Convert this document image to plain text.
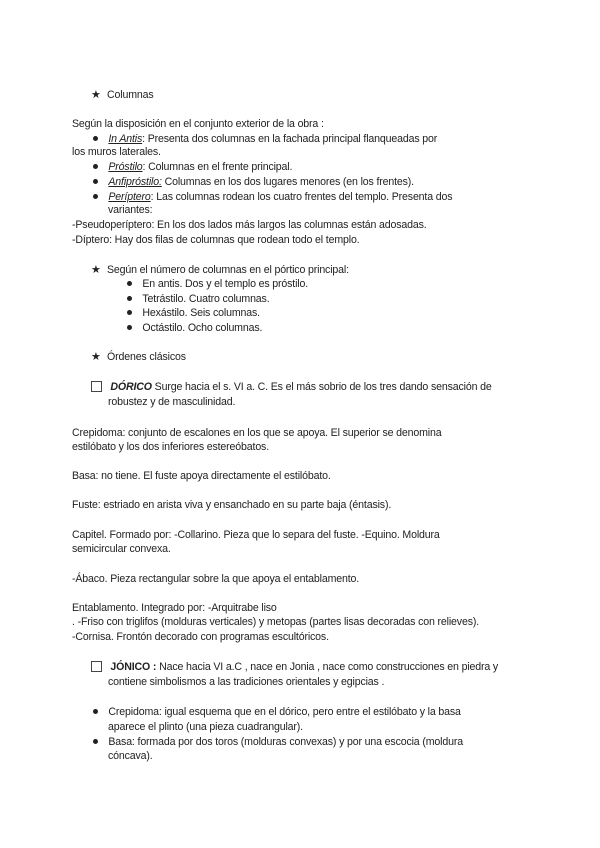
★ Columnas
Según la disposición en el conjunto exterior de la obra :
In Antis: Presenta dos columnas en la fachada principal flanqueadas por
los muros laterales.
Próstilo: Columnas en el frente principal.
Anfipróstilo: Columnas en los dos lugares menores (en los frentes).
Períptero: Las columnas rodean los cuatro frentes del templo. Presenta dos
variantes:
-Pseudoperíptero: En los dos lados más largos las columnas están adosadas.
-Díptero: Hay dos filas de columnas que rodean todo el templo.
★ Según el número de columnas en el pórtico principal:
En antis. Dos y el templo es próstilo.
Tetrástilo. Cuatro columnas.
Hexástilo. Seis columnas.
Octástilo. Ocho columnas.
★ Órdenes clásicos
DÓRICO Surge hacia el s. VI a. C. Es el más sobrio de los tres dando sensación de
robustez y de masculinidad.
Crepidoma: conjunto de escalones en los que se apoya. El superior se denomina
estilóbato y los dos inferiores estereóbatos.
Basa: no tiene. El fuste apoya directamente el estilóbato.
Fuste: estriado en arista viva y ensanchado en su parte baja (éntasis).
Capitel. Formado por: -Collarino. Pieza que lo separa del fuste. -Equino. Moldura
semicircular convexa.
-Ábaco. Pieza rectangular sobre la que apoya el entablamento.
Entablamento. Integrado por: -Arquitrabe liso
. -Friso con triglifos (molduras verticales) y metopas (partes lisas decoradas con relieves).
-Cornisa. Frontón decorado con programas escultóricos.
JÓNICO : Nace hacia VI a.C , nace en Jonia , nace como construcciones en piedra y
contiene simbolismos a las tradiciones orientales y egipcias .
Crepidoma: igual esquema que en el dórico, pero entre el estilóbato y la basa
aparece el plinto (una pieza cuadrangular).
Basa: formada por dos toros (molduras convexas) y por una escocia (moldura
cóncava).
